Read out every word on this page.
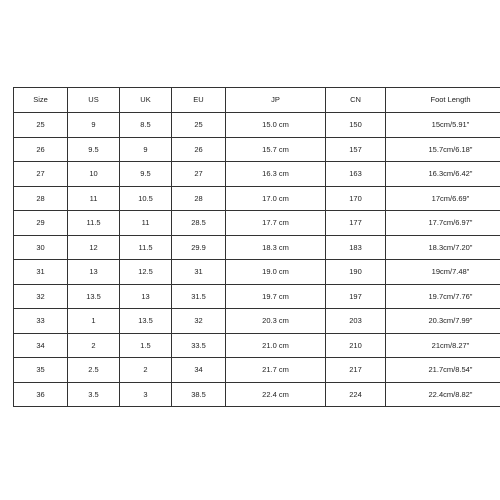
Size	US	UK	EU	JP	CN	Foot Length
25	9	8.5	25	15.0 cm	150	15cm/5.91"
26	9.5	9	26	15.7 cm	157	15.7cm/6.18"
27	10	9.5	27	16.3 cm	163	16.3cm/6.42"
28	11	10.5	28	17.0 cm	170	17cm/6.69"
29	11.5	11	28.5	17.7 cm	177	17.7cm/6.97"
30	12	11.5	29.9	18.3 cm	183	18.3cm/7.20"
31	13	12.5	31	19.0 cm	190	19cm/7.48"
32	13.5	13	31.5	19.7 cm	197	19.7cm/7.76"
33	1	13.5	32	20.3 cm	203	20.3cm/7.99"
34	2	1.5	33.5	21.0 cm	210	21cm/8.27"
35	2.5	2	34	21.7 cm	217	21.7cm/8.54"
36	3.5	3	38.5	22.4 cm	224	22.4cm/8.82"
